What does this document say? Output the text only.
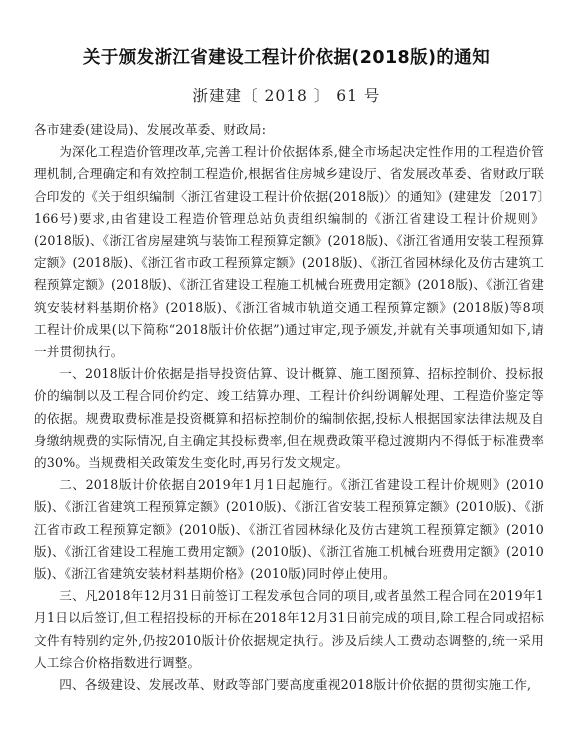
关于颁发浙江省建设工程计价依据(2018版)的通知
浙建建〔 2018 〕 61 号

各市建委(建设局)、发展改革委、财政局:

为深化工程造价管理改革,完善工程计价依据体系,健全市场起决定性作用的工程造价管理机制,合理确定和有效控制工程造价,根据省住房城乡建设厅、省发展改革委、省财政厅联合印发的《关于组织编制〈浙江省建设工程计价依据(2018版)〉的通知》(建建发〔2017〕166号)要求,由省建设工程造价管理总站负责组织编制的《浙江省建设工程计价规则》(2018版)、《浙江省房屋建筑与装饰工程预算定额》(2018版)、《浙江省通用安装工程预算定额》(2018版)、《浙江省市政工程预算定额》(2018版)、《浙江省园林绿化及仿古建筑工程预算定额》(2018版)、《浙江省建设工程施工机械台班费用定额》(2018版)、《浙江省建筑安装材料基期价格》(2018版)、《浙江省城市轨道交通工程预算定额》(2018版)等8项工程计价成果(以下简称“2018版计价依据”)通过审定,现予颁发,并就有关事项通知如下,请一并贯彻执行。

一、2018版计价依据是指导投资估算、设计概算、施工图预算、招标控制价、投标报价的编制以及工程合同价约定、竣工结算办理、工程计价纠纷调解处理、工程造价鉴定等的依据。规费取费标准是投资概算和招标控制价的编制依据,投标人根据国家法律法规及自身缴纳规费的实际情况,自主确定其投标费率,但在规费政策平稳过渡期内不得低于标准费率的30%。当规费相关政策发生变化时,再另行发文规定。

二、2018版计价依据自2019年1月1日起施行。《浙江省建设工程计价规则》(2010版)、《浙江省建筑工程预算定额》(2010版)、《浙江省安装工程预算定额》(2010版)、《浙江省市政工程预算定额》(2010版)、《浙江省园林绿化及仿古建筑工程预算定额》(2010版)、《浙江省建设工程施工费用定额》(2010版)、《浙江省施工机械台班费用定额》(2010版)、《浙江省建筑安装材料基期价格》(2010版)同时停止使用。

三、凡2018年12月31日前签订工程发承包合同的项目,或者虽然工程合同在2019年1月1日以后签订,但工程招投标的开标在2018年12月31日前完成的项目,除工程合同或招标文件有特别约定外,仍按2010版计价依据规定执行。涉及后续人工费动态调整的,统一采用人工综合价格指数进行调整。

四、各级建设、发展改革、财政等部门要高度重视2018版计价依据的贯彻实施工作,
